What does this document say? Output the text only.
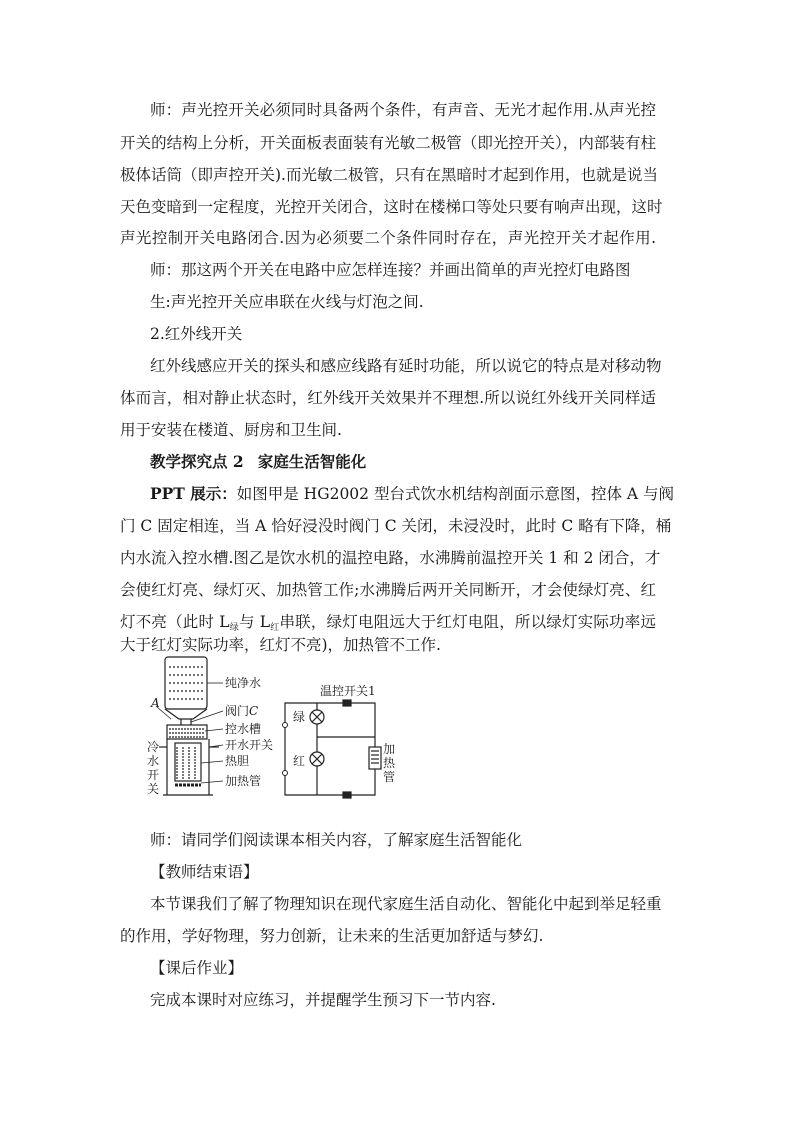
师：声光控开关必须同时具备两个条件，有声音、无光才起作用.从声光控
开关的结构上分析，开关面板表面装有光敏二极管（即光控开关），内部装有柱
极体话筒（即声控开关).而光敏二极管，只有在黑暗时才起到作用，也就是说当
天色变暗到一定程度，光控开关闭合，这时在楼梯口等处只要有响声出现，这时
声光控制开关电路闭合.因为必须要二个条件同时存在，声光控开关才起作用.
师：那这两个开关在电路中应怎样连接？并画出简单的声光控灯电路图
生:声光控开关应串联在火线与灯泡之间.
2.红外线开关
红外线感应开关的探头和感应线路有延时功能，所以说它的特点是对移动物
体而言，相对静止状态时，红外线开关效果并不理想.所以说红外线开关同样适
用于安装在楼道、厨房和卫生间.
教学探究点 2 家庭生活智能化
PPT 展示：如图甲是 HG2002 型台式饮水机结构剖面示意图，控体 A 与阀
门 C 固定相连，当 A 恰好浸没时阀门 C 关闭，未浸没时，此时 C 略有下降，桶
内水流入控水槽.图乙是饮水机的温控电路，水沸腾前温控开关 1 和 2 闭合，才
会使红灯亮、绿灯灭、加热管工作;水沸腾后两开关同断开，才会使绿灯亮、红
灯不亮（此时 $L_绿$与 $L_红$串联，绿灯电阻远大于红灯电阻，所以绿灯实际功率远
大于红灯实际功率，红灯不亮)，加热管不工作.
纯净水
A
阀门C
控水槽
开水开关
热胆
加热管
冷
水
开
关
温控开关1
绿
红
加
热
管
师：请同学们阅读课本相关内容，了解家庭生活智能化
【教师结束语】
本节课我们了解了物理知识在现代家庭生活自动化、智能化中起到举足轻重
的作用，学好物理，努力创新，让未来的生活更加舒适与梦幻.
【课后作业】
完成本课时对应练习，并提醒学生预习下一节内容.
